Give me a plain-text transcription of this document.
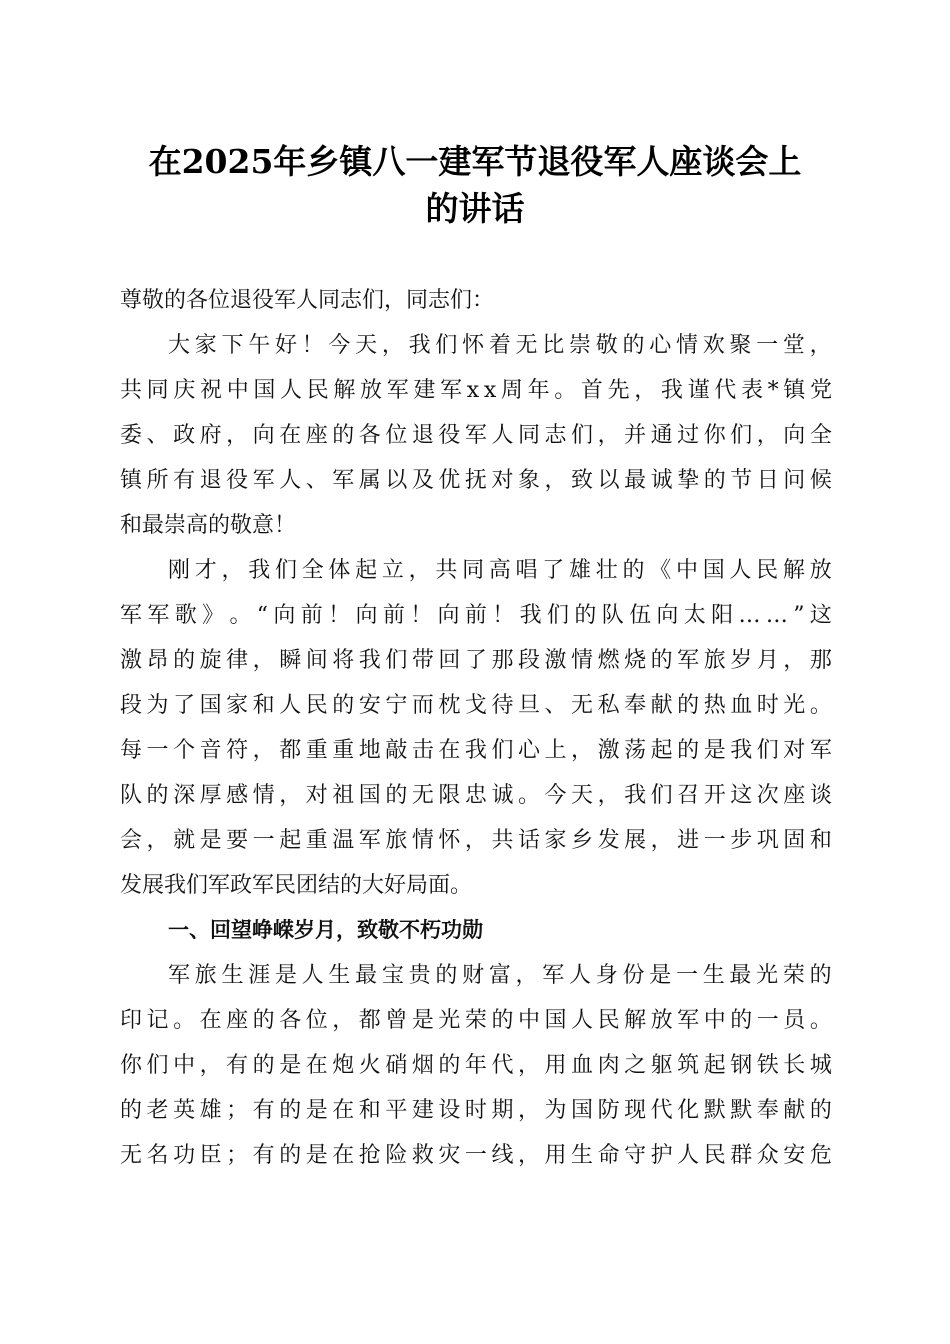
在2025年乡镇八一建军节退役军人座谈会上
的讲话
尊敬的各位退役军人同志们，同志们：
大 家 下 午 好 ！ 今 天 ， 我 们 怀 着 无 比 崇 敬 的 心 情 欢 聚 一 堂 ，
共 同 庆 祝 中 国 人 民 解 放 军 建 军 x x 周 年 。 首 先 ， 我 谨 代 表 * 镇 党
委 、 政 府 ， 向 在 座 的 各 位 退 役 军 人 同 志 们 ， 并 通 过 你 们 ， 向 全
镇 所 有 退 役 军 人 、 军 属 以 及 优 抚 对 象 ， 致 以 最 诚 挚 的 节 日 问 候
和最崇高的敬意！
刚 才 ， 我 们 全 体 起 立 ， 共 同 高 唱 了 雄 壮 的 《 中 国 人 民 解 放
军 军 歌 》 。 “ 向 前 ！ 向 前 ！ 向 前 ！ 我 们 的 队 伍 向 太 阳 … … ” 这
激 昂 的 旋 律 ， 瞬 间 将 我 们 带 回 了 那 段 激 情 燃 烧 的 军 旅 岁 月 ， 那
段 为 了 国 家 和 人 民 的 安 宁 而 枕 戈 待 旦 、 无 私 奉 献 的 热 血 时 光 。
每 一 个 音 符 ， 都 重 重 地 敲 击 在 我 们 心 上 ， 激 荡 起 的 是 我 们 对 军
队 的 深 厚 感 情 ， 对 祖 国 的 无 限 忠 诚 。 今 天 ， 我 们 召 开 这 次 座 谈
会 ， 就 是 要 一 起 重 温 军 旅 情 怀 ， 共 话 家 乡 发 展 ， 进 一 步 巩 固 和
发展我们军政军民团结的大好局面。
一、回望峥嵘岁月，致敬不朽功勋
军 旅 生 涯 是 人 生 最 宝 贵 的 财 富 ， 军 人 身 份 是 一 生 最 光 荣 的
印 记 。 在 座 的 各 位 ， 都 曾 是 光 荣 的 中 国 人 民 解 放 军 中 的 一 员 。
你 们 中 ， 有 的 是 在 炮 火 硝 烟 的 年 代 ， 用 血 肉 之 躯 筑 起 钢 铁 长 城
的 老 英 雄 ； 有 的 是 在 和 平 建 设 时 期 ， 为 国 防 现 代 化 默 默 奉 献 的
无 名 功 臣 ； 有 的 是 在 抢 险 救 灾 一 线 ， 用 生 命 守 护 人 民 群 众 安 危
